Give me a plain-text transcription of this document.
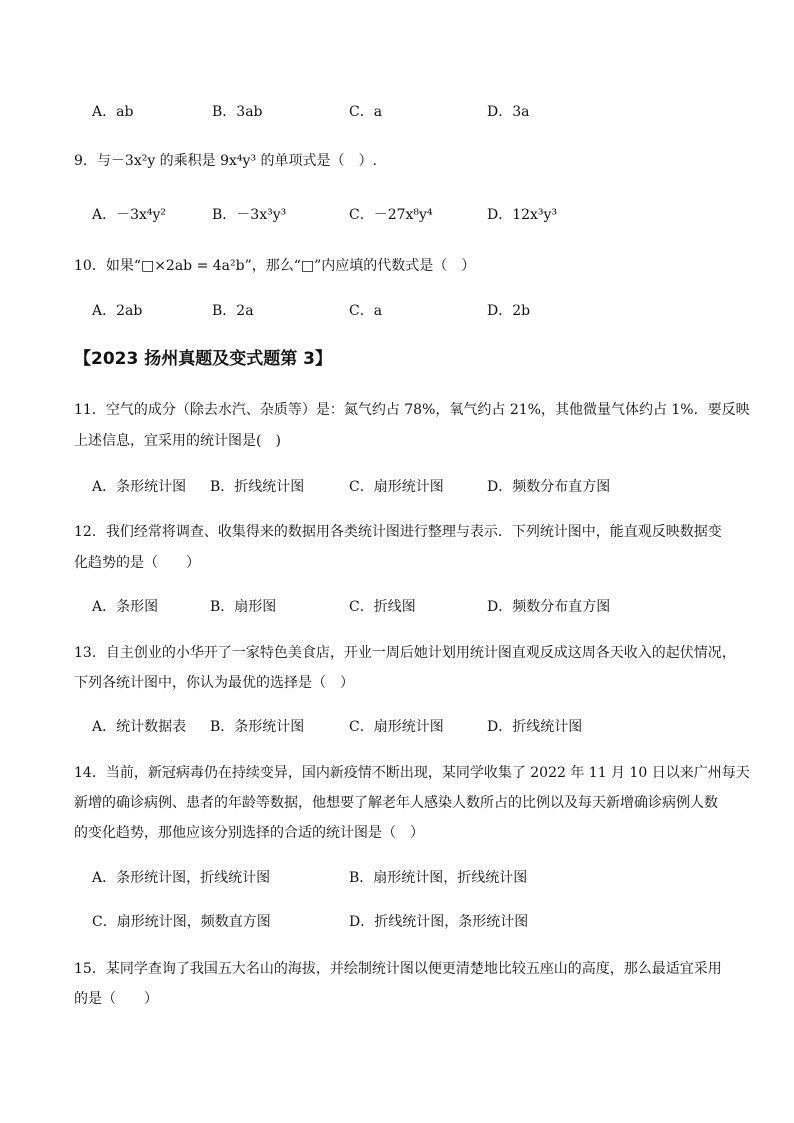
A．ab	B．3ab	C．a	D．3a
9．与－3x²y 的乘积是 9x⁴y³ 的单项式是（　）.
A．－3x⁴y²	B．－3x³y³	C．－27x⁸y⁴	D．12x³y³
10．如果“□×2ab = 4a²b”，那么“□”内应填的代数式是（　）
A．2ab	B．2a	C．a	D．2b
【2023 扬州真题及变式题第 3】
11．空气的成分（除去水汽、杂质等）是：氮气约占 78%，氧气约占 21%，其他微量气体约占 1%．要反映
上述信息，宜采用的统计图是(　)
A．条形统计图 B．折线统计图	C．扇形统计图	D．频数分布直方图
12．我们经常将调查、收集得来的数据用各类统计图进行整理与表示．下列统计图中，能直观反映数据变
化趋势的是（　　）
A．条形图	B．扇形图	C．折线图	D．频数分布直方图
13．自主创业的小华开了一家特色美食店，开业一周后她计划用统计图直观反成这周各天收入的起伏情况，
下列各统计图中，你认为最优的选择是（　）
A．统计数据表 B．条形统计图	C．扇形统计图	D．折线统计图
14．当前，新冠病毒仍在持续变异，国内新疫情不断出现，某同学收集了 2022 年 11 月 10 日以来广州每天
新增的确诊病例、患者的年龄等数据，他想要了解老年人感染人数所占的比例以及每天新增确诊病例人数
的变化趋势，那他应该分别选择的合适的统计图是（　）
A．条形统计图，折线统计图	B．扇形统计图，折线统计图
C．扇形统计图，频数直方图	D．折线统计图，条形统计图
15．某同学查询了我国五大名山的海拔，并绘制统计图以便更清楚地比较五座山的高度，那么最适宜采用
的是（　　）
